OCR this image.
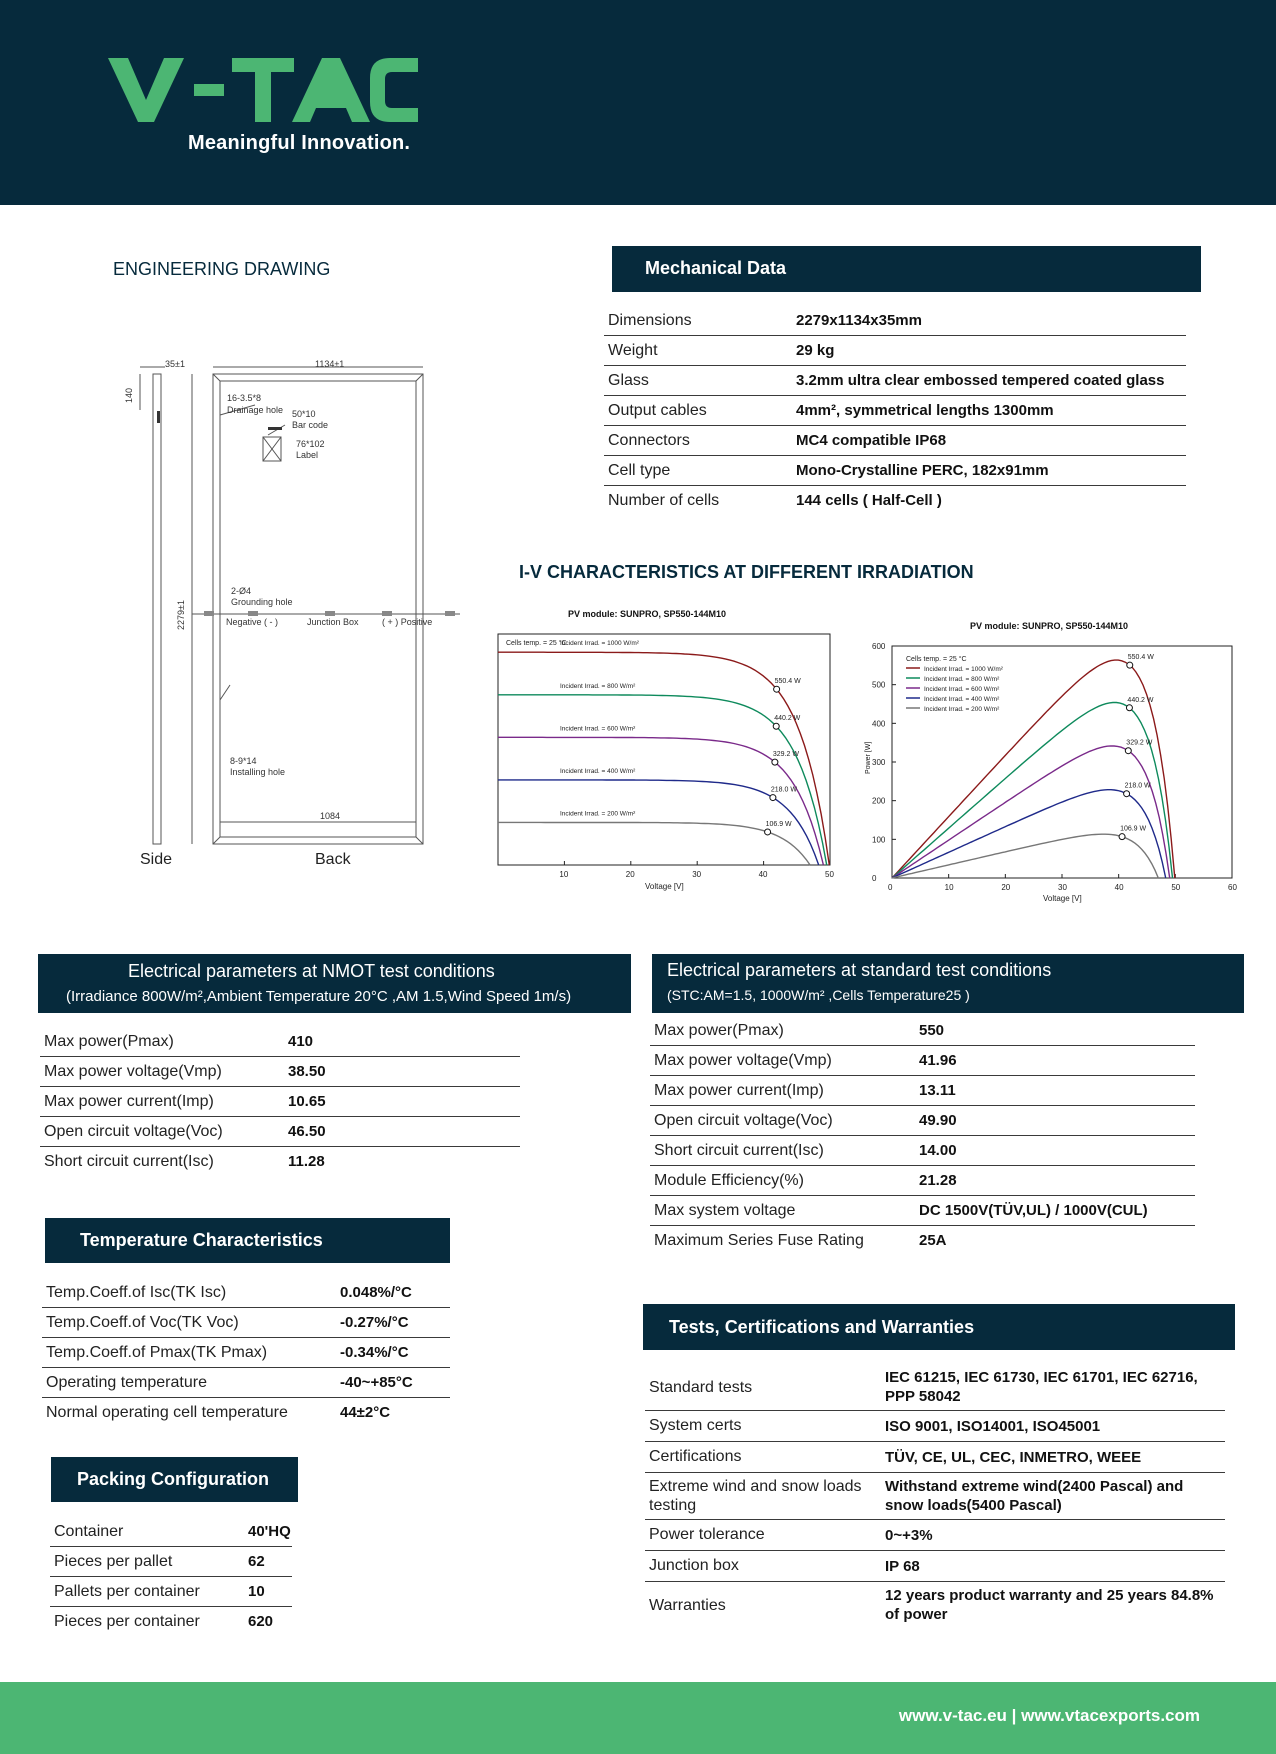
Meaningful Innovation.
ENGINEERING DRAWING
35±1	1134±1
140
2279±1
1084
16-3.5*8
Drainage hole 50*10
Bar code
76*102
Label
2-Ø4
Grounding hole
Negative ( - )	Junction Box	( + ) Positive
8-9*14
Installing hole
Side	Back
Mechanical Data
Dimensions	2279x1134x35mm
Weight	29 kg
Glass	3.2mm ultra clear embossed tempered coated glass
Output cables	4mm², symmetrical lengths 1300mm
Connectors	MC4 compatible IP68
Cell type	Mono-Crystalline PERC, 182x91mm
Number of cells	144 cells ( Half-Cell )
I-V CHARACTERISTICS AT DIFFERENT IRRADIATION
PV module: SUNPRO, SP550-144M10
10	20	30	40	50
Voltage [V]
Cells temp. = 25 °C
550.4 W
Incident Irrad. = 1000 W/m²
440.2 W
Incident Irrad. = 800 W/m²
329.2 W
Incident Irrad. = 600 W/m²
218.0 W
Incident Irrad. = 400 W/m²
106.9 W
Incident Irrad. = 200 W/m²
PV module: SUNPRO, SP550-144M10
0	10	20	30	40	50	60
0
100
200
300
400
500
600
Voltage [V]
Power [W]
Cells temp. = 25 °C	550.4 W
Incident Irrad. = 1000 W/m²
440.2 W
Incident Irrad. = 800 W/m²
329.2 W
Incident Irrad. = 600 W/m²
218.0 W
Incident Irrad. = 400 W/m²
106.9 W
Incident Irrad. = 200 W/m²
Electrical parameters at NMOT test conditions
(Irradiance 800W/m²,Ambient Temperature 20°C ,AM 1.5,Wind Speed 1m/s)
Max power(Pmax)	410
Max power voltage(Vmp)	38.50
Max power current(Imp)	10.65
Open circuit voltage(Voc)	46.50
Short circuit current(Isc)	11.28
Electrical parameters at standard test conditions
(STC:AM=1.5, 1000W/m² ,Cells Temperature25 )
Max power(Pmax)	550
Max power voltage(Vmp)	41.96
Max power current(Imp)	13.11
Open circuit voltage(Voc)	49.90
Short circuit current(Isc)	14.00
Module Efficiency(%)	21.28
Max system voltage	DC 1500V(TÜV,UL) / 1000V(CUL)
Maximum Series Fuse Rating	25A
Temperature Characteristics
Temp.Coeff.of Isc(TK Isc)	0.048%/°C
Temp.Coeff.of Voc(TK Voc)	-0.27%/°C
Temp.Coeff.of Pmax(TK Pmax)	-0.34%/°C
Operating temperature	-40~+85°C
Normal operating cell temperature	44±2°C
Packing Configuration
Container	40'HQ
Pieces per pallet	62
Pallets per container	10
Pieces per container	620
Tests, Certifications and Warranties
Standard tests	IEC 61215, IEC 61730, IEC 61701, IEC 62716, PPP 58042
System certs	ISO 9001, ISO14001, ISO45001
Certifications	TÜV, CE, UL, CEC, INMETRO, WEEE
Extreme wind and snow loads testing	Withstand extreme wind(2400 Pascal) and snow loads(5400 Pascal)
Power tolerance	0~+3%
Junction box	IP 68
Warranties	12 years product warranty and 25 years 84.8% of power
www.v-tac.eu | www.vtacexports.com
